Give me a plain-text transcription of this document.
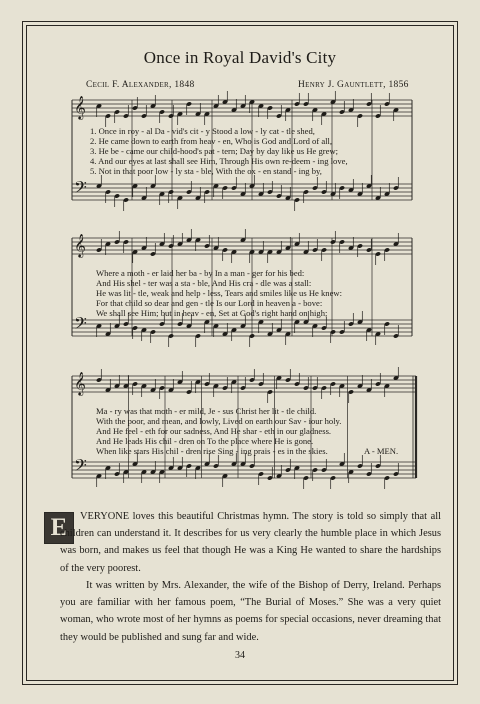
Once in Royal David's City
Cecil F. Alexander, 1848	Henry J. Gauntlett, 1856
𝄞
𝄢
𝄞
𝄢
𝄞
𝄢
1. Once in roy - al Da - vid's cit - y Stood a low - ly cat - tle shed,
2. He came down to earth from heav - en, Who is God and Lord of all,
3. He be - came our child-hood's pat - tern; Day by day like us He grew;
4. And our eyes at last shall see Him, Through His own re-deem - ing love,
5. Not in that poor low - ly sta - ble, With the ox - en stand - ing by,
Where a moth - er laid her ba - by In a man - ger for his bed:
And His shel - ter was a sta - ble, And His cra - dle was a stall:
He was lit - tle, weak and help - less, Tears and smiles like us He knew:
For that child so dear and gen - tle Is our Lord in heaven a - bove:
We shall see Him; but in heav - en, Set at God's right hand on high;
Ma - ry was that moth - er mild, Je - sus Christ her lit - tle child.
With the poor, and mean, and lowly, Lived on earth our Sav - iour holy.
And He feel - eth for our sadness, And He shar - eth in our gladness.
And He leads His chil - dren on To the place where He is gone.
When like stars His chil - dren rise Sing - ing prais - es in the skies.	A - MEN.
E	VERYONE loves this beautiful Christmas hymn. The story is told so simply that all children can understand it. It describes for us very clearly the humble place in which Jesus was born, and makes us feel that though He was a King He wanted to share the hardships of the very poorest.

It was written by Mrs. Alexander, the wife of the Bishop of Derry, Ireland. Perhaps you are familiar with her famous poem, “The Burial of Moses.” She was a very quiet woman, who wrote most of her hymns as poems for special occasions, never dreaming that they would be published and sung far and wide.

34
